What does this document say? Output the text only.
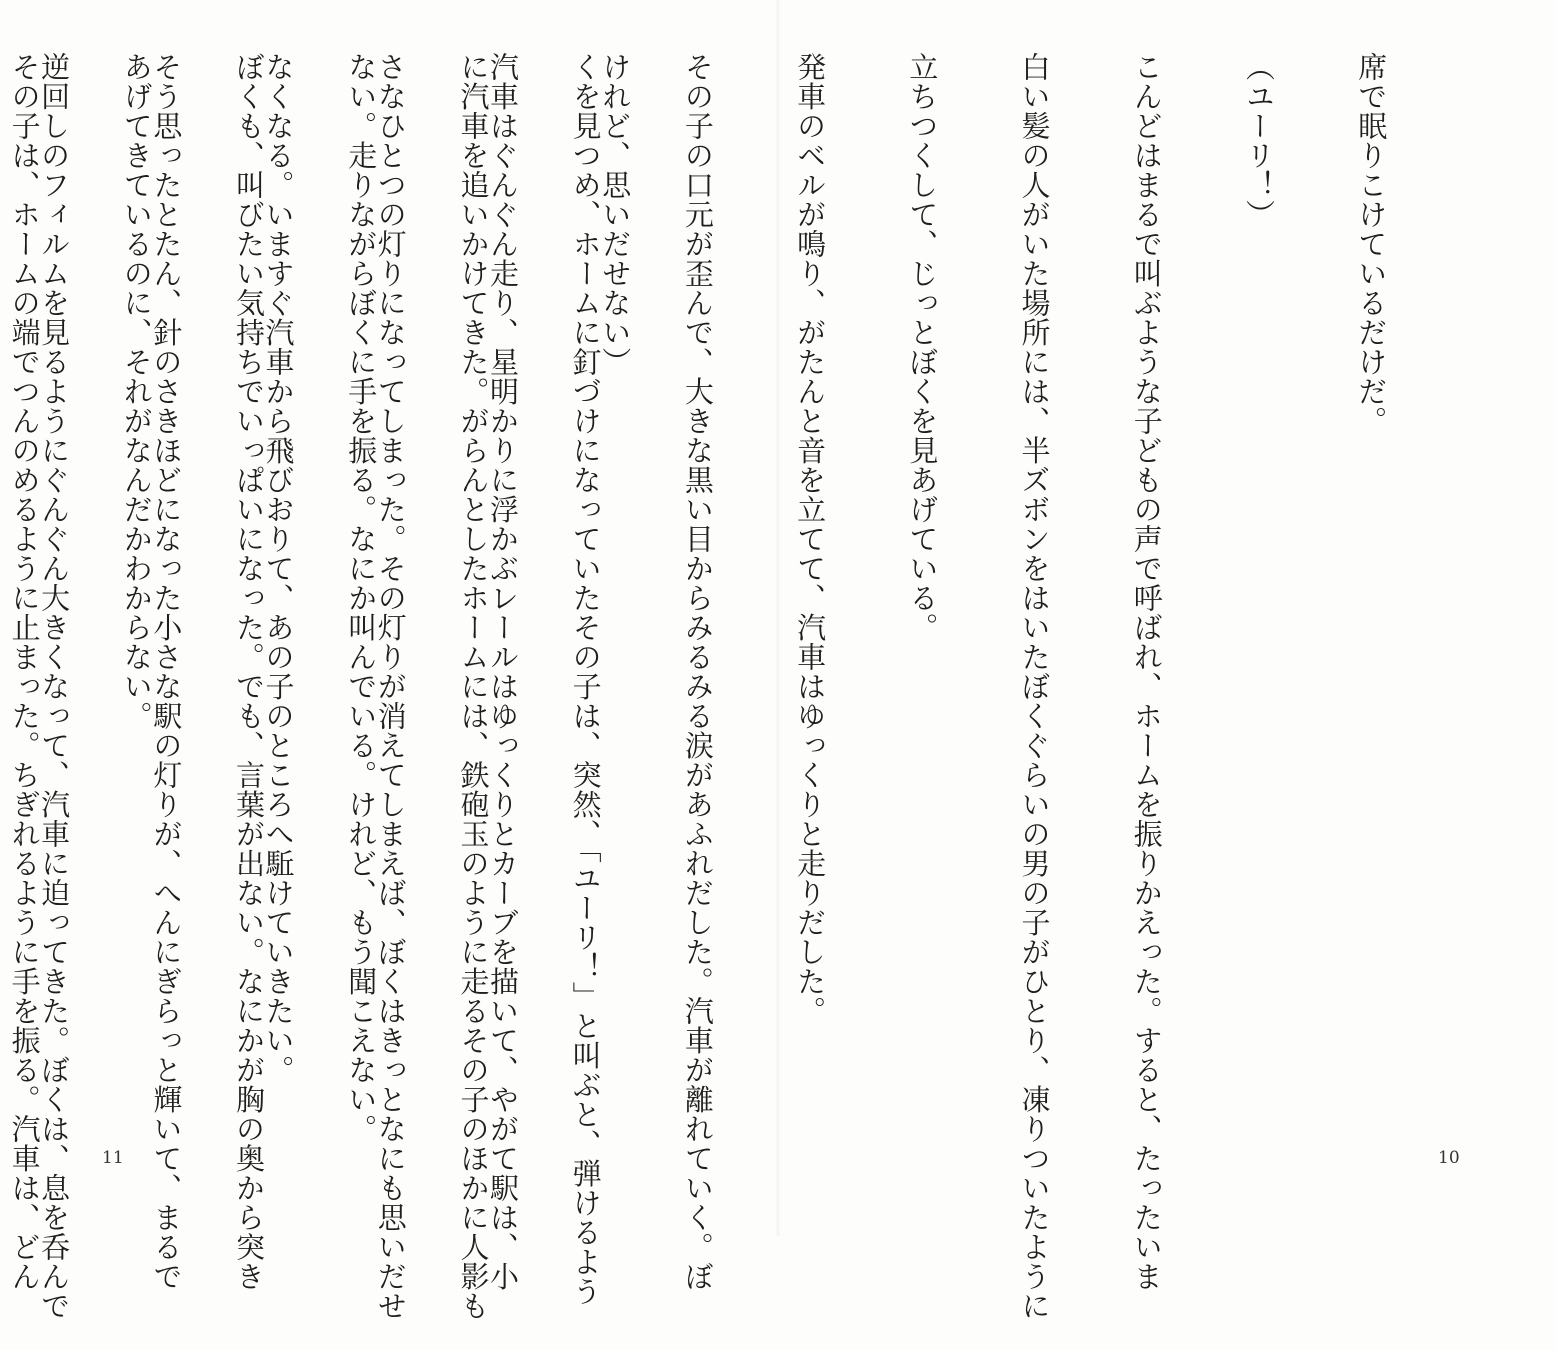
席で眠りこけているだけだ。

（ユーリ！）

こんどはまるで叫ぶような子どもの声で呼ばれ、ホームを振りかえった。すると、たったいま

白い髪の人がいた場所には、半ズボンをはいたぼくぐらいの男の子がひとり、凍りついたように

立ちつくして、じっとぼくを見あげている。

発車のベルが鳴り、がたんと音を立てて、汽車はゆっくりと走りだした。

その子の口元が歪んで、大きな黒い目からみるみる涙があふれだした。汽車が離れていく。ぼ

くを見つめ、ホームに釘づけになっていたその子は、突然、「ユーリ！」と叫ぶと、弾けるよう

に汽車を追いかけてきた。がらんとしたホームには、鉄砲玉のように走るその子のほかに人影も

ない。走りながらぼくに手を振る。なにか叫んでいる。けれど、もう聞こえない。

ぼくも、叫びたい気持ちでいっぱいになった。でも、言葉が出ない。なにかが胸の奥から突き

あげてきているのに、それがなんだかわからない。

その子は、ホームの端でつんのめるように止まった。ちぎれるように手を振る。汽車は、どん

	10

けれど、思いだせない）

汽車はぐんぐん走り、星明かりに浮かぶレールはゆっくりとカーブを描いて、やがて駅は、小

さなひとつの灯りになってしまった。その灯りが消えてしまえば、ぼくはきっとなにも思いだせ

なくなる。いますぐ汽車から飛びおりて、あの子のところへ駈けていきたい。

そう思ったとたん、針のさきほどになった小さな駅の灯りが、へんにぎらっと輝いて、まるで

逆回しのフィルムを見るようにぐんぐん大きくなって、汽車に迫ってきた。ぼくは、息を呑んで

11
